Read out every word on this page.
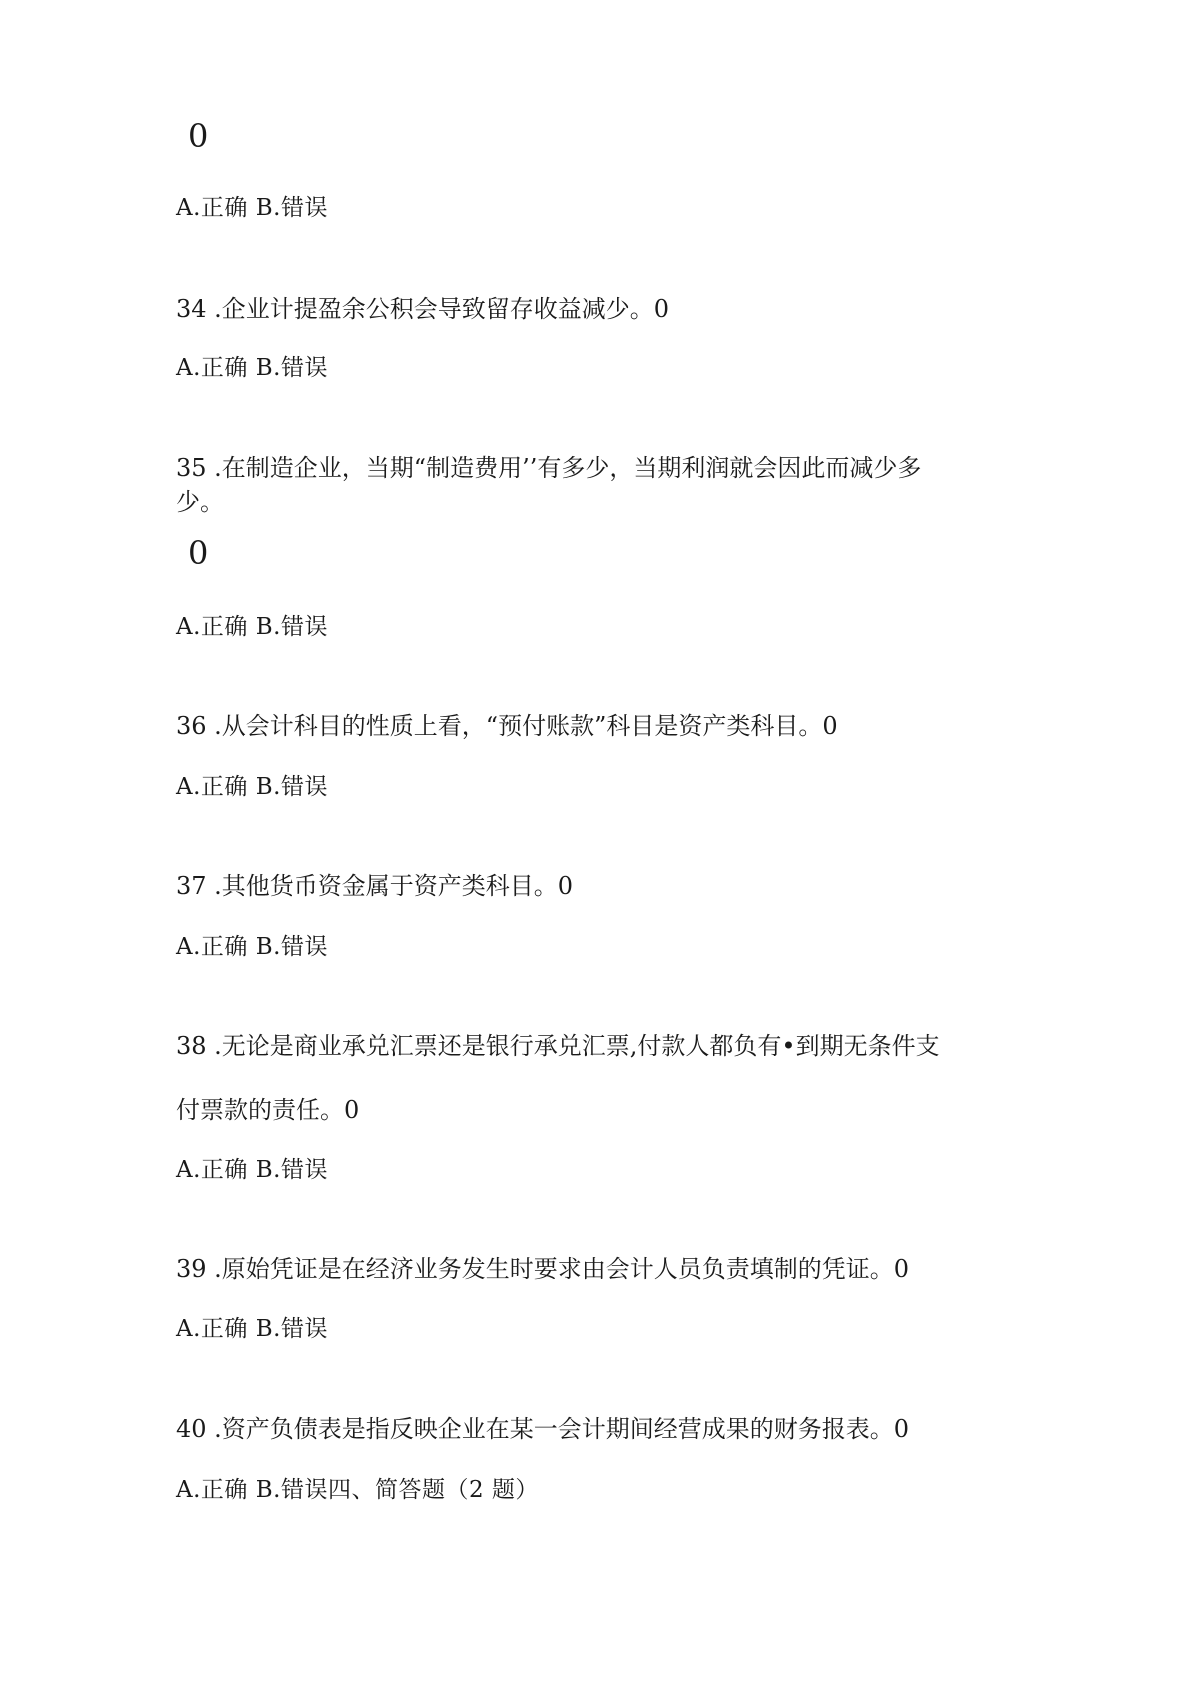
0
A.正确 B.错误
34 .企业计提盈余公积会导致留存收益减少。0
A.正确 B.错误
35 .在制造企业，当期“制造费用’’有多少，当期利润就会因此而减少多
少。
0
A.正确 B.错误
36 .从会计科目的性质上看，“预付账款”科目是资产类科目。0
A.正确 B.错误
37 .其他货币资金属于资产类科目。0
A.正确 B.错误
38 .无论是商业承兑汇票还是银行承兑汇票,付款人都负有•到期无条件支
付票款的责任。0
A.正确 B.错误
39 .原始凭证是在经济业务发生时要求由会计人员负责填制的凭证。0
A.正确 B.错误
40 .资产负债表是指反映企业在某一会计期间经营成果的财务报表。0
A.正确 B.错误四、简答题（2 题）
